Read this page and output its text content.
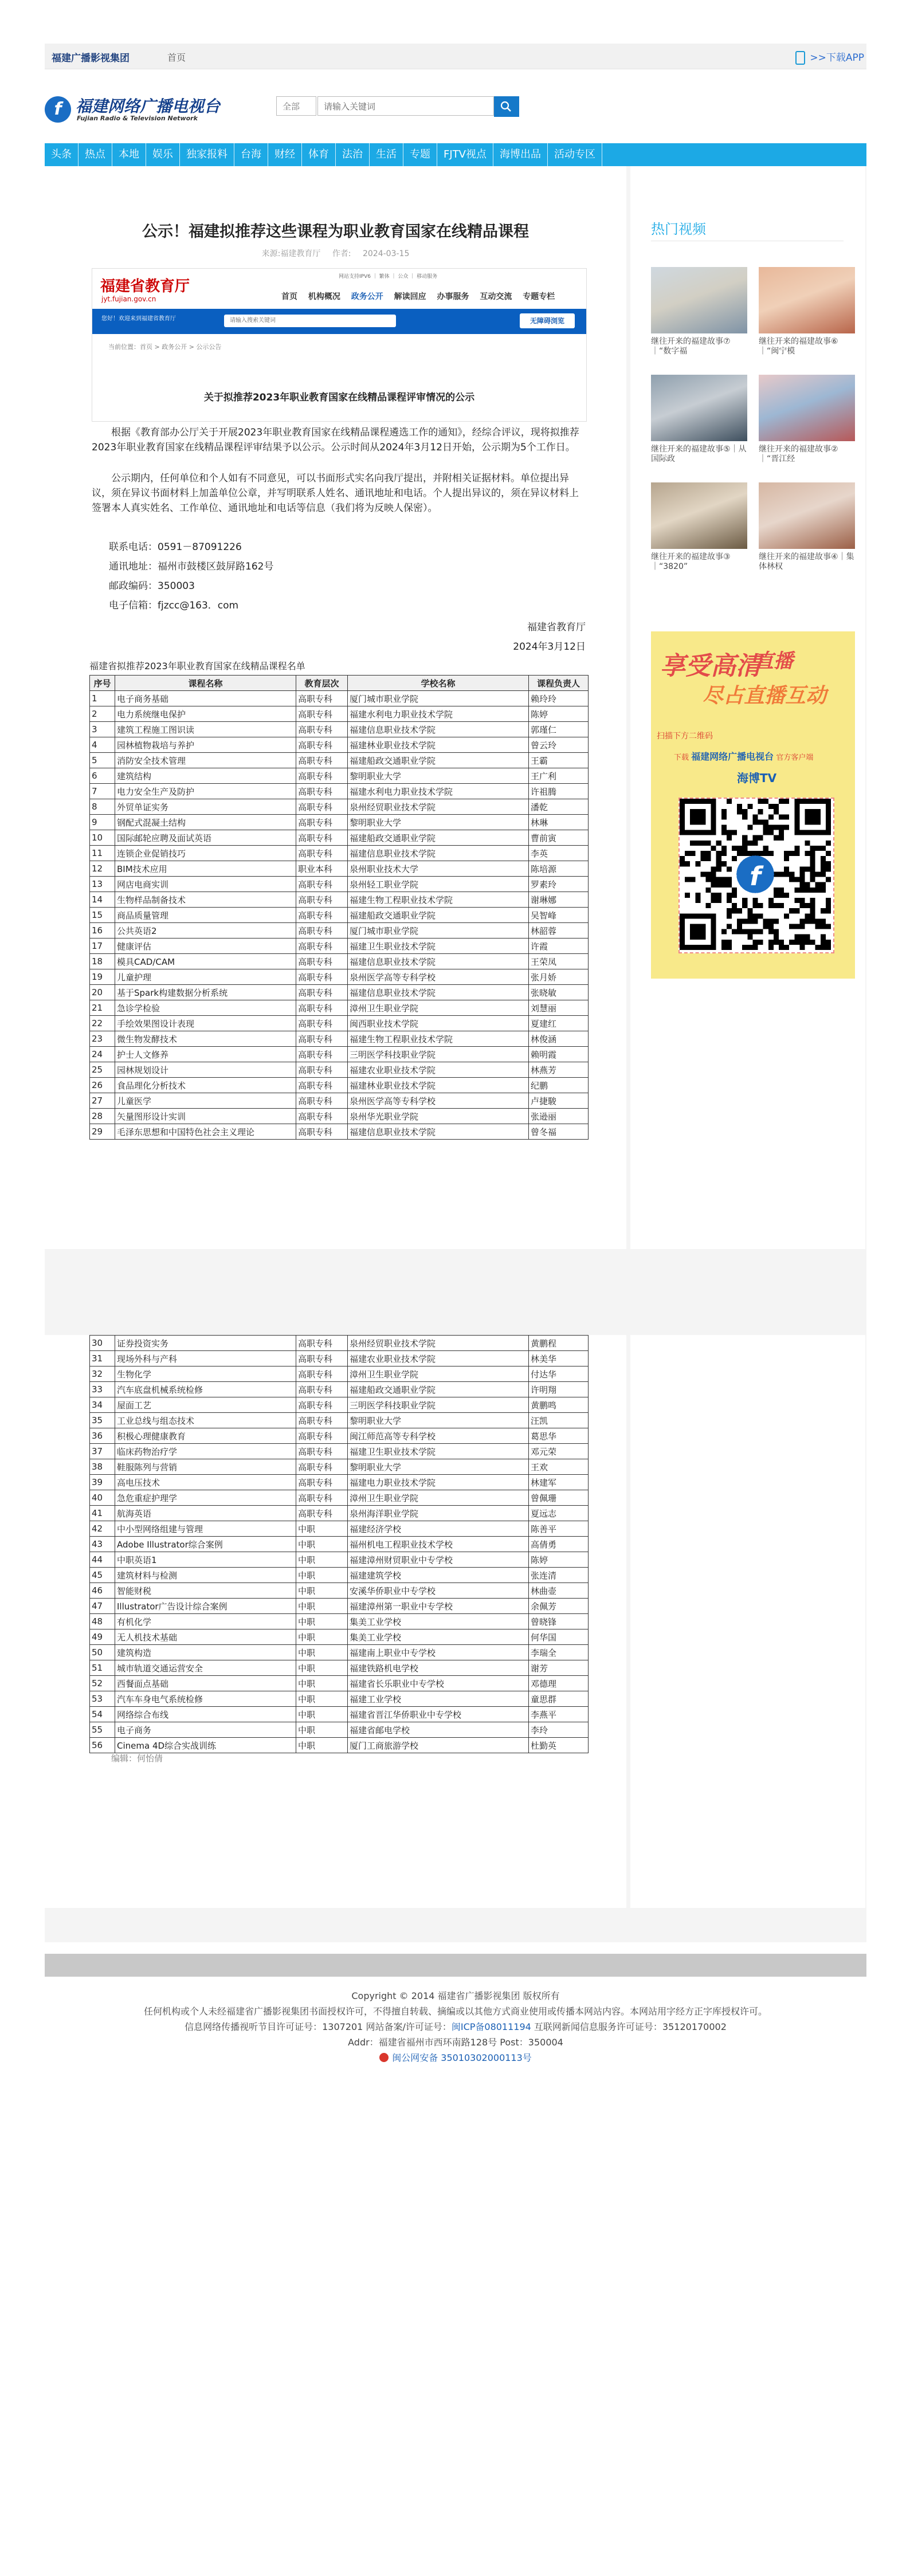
福建广播影视集团	首页	>>下载APP
f 福建网络广播电视台
Fujian Radio & Television Network
全部	请输入关键词
头条	热点	本地	娱乐	独家报料	台海	财经	体育	法治	生活	专题	FJTV视点	海博出品	活动专区
公示！福建拟推荐这些课程为职业教育国家在线精品课程
来源:福建教育厅 作者: 2024-03-15
福建省教育厅
jyt.fujian.gov.cn
网站支持IPV6 ｜ 繁体 ｜ 公众 ｜ 移动服务
首页 机构概况 政务公开 解读回应 办事服务 互动交流 专题专栏
您好！欢迎来到福建省教育厅	请输入搜索关键词	无障碍浏览
当前位置：首页 > 政务公开 > 公示公告
关于拟推荐2023年职业教育国家在线精品课程评审情况的公示

根据《教育部办公厅关于开展2023年职业教育国家在线精品课程遴选工作的通知》，经综合评议，现将拟推荐2023年职业教育国家在线精品课程评审结果予以公示。公示时间从2024年3月12日开始，公示期为5个工作日。

公示期内，任何单位和个人如有不同意见，可以书面形式实名向我厅提出，并附相关证据材料。单位提出异议，须在异议书面材料上加盖单位公章，并写明联系人姓名、通讯地址和电话。个人提出异议的，须在异议材料上签署本人真实姓名、工作单位、通讯地址和电话等信息（我们将为反映人保密）。

联系电话：0591－87091226
通讯地址：福州市鼓楼区鼓屏路162号
邮政编码：350003
电子信箱：fjzcc@163．com
福建省教育厅
2024年3月12日
福建省拟推荐2023年职业教育国家在线精品课程名单
序号	课程名称	教育层次	学校名称	课程负责人
1	电子商务基础	高职专科	厦门城市职业学院	赖玲玲
2	电力系统继电保护	高职专科	福建水利电力职业技术学院	陈婷
3	建筑工程施工图识读	高职专科	福建信息职业技术学院	郭瑾仁
4	园林植物栽培与养护	高职专科	福建林业职业技术学院	曾云玲
5	消防安全技术管理	高职专科	福建船政交通职业学院	王霸
6	建筑结构	高职专科	黎明职业大学	王广利
7	电力安全生产及防护	高职专科	福建水利电力职业技术学院	许祖腾
8	外贸单证实务	高职专科	泉州经贸职业技术学院	潘乾
9	钢配式混凝土结构	高职专科	黎明职业大学	林琳
10	国际邮轮应聘及面试英语	高职专科	福建船政交通职业学院	曹前寅
11	连锁企业促销技巧	高职专科	福建信息职业技术学院	李英
12	BIM技术应用	职业本科	泉州职业技术大学	陈培源
13	网店电商实训	高职专科	泉州轻工职业学院	罗素玲
14	生物样品制备技术	高职专科	福建生物工程职业技术学院	谢琳娜
15	商品质量管理	高职专科	福建船政交通职业学院	吴智峰
16	公共英语2	高职专科	厦门城市职业学院	林韶蓉
17	健康评估	高职专科	福建卫生职业技术学院	许霞
18	模具CAD/CAM	高职专科	福建信息职业技术学院	王荣凤
19	儿童护理	高职专科	泉州医学高等专科学校	张月娇
20	基于Spark构建数据分析系统	高职专科	福建信息职业技术学院	张晓敏
21	急诊学检验	高职专科	漳州卫生职业学院	刘慧丽
22	手绘效果图设计表现	高职专科	闽西职业技术学院	夏建红
23	微生物发酵技术	高职专科	福建生物工程职业技术学院	林俊涵
24	护士人文修养	高职专科	三明医学科技职业学院	赖明霞
25	园林规划设计	高职专科	福建农业职业技术学院	林燕芳
26	食品理化分析技术	高职专科	福建林业职业技术学院	纪鹏
27	儿童医学	高职专科	泉州医学高等专科学校	卢捷駿
28	矢量图形设计实训	高职专科	泉州华光职业学院	张逊丽
29	毛泽东思想和中国特色社会主义理论	高职专科	福建信息职业技术学院	曾冬福
30	证券投资实务	高职专科	泉州经贸职业技术学院	黄鹏程
31	现场外科与产科	高职专科	福建农业职业技术学院	林美华
32	生物化学	高职专科	漳州卫生职业学院	付达华
33	汽车底盘机械系统检修	高职专科	福建船政交通职业学院	许明翔
34	屋面工艺	高职专科	三明医学科技职业学院	黄鹏鸣
35	工业总线与组态技术	高职专科	黎明职业大学	汪凯
36	积极心理健康教育	高职专科	闽江师范高等专科学校	葛思华
37	临床药物治疗学	高职专科	福建卫生职业技术学院	邓元荣
38	鞋服陈列与营销	高职专科	黎明职业大学	王欢
39	高电压技术	高职专科	福建电力职业技术学院	林建军
40	急危重症护理学	高职专科	漳州卫生职业学院	曾佩珊
41	航海英语	高职专科	泉州海洋职业学院	夏远志
42	中小型网络组建与管理	中职	福建经济学校	陈善平
43	Adobe Illustrator综合案例	中职	福州机电工程职业技术学校	高倩勇
44	中职英语1	中职	福建漳州财贸职业中专学校	陈婷
45	建筑材料与检测	中职	福建建筑学校	张连清
46	智能财税	中职	安溪华侨职业中专学校	林曲壶
47	Illustrator广告设计综合案例	中职	福建漳州第一职业中专学校	余佩芳
48	有机化学	中职	集美工业学校	曾晓锋
49	无人机技术基础	中职	集美工业学校	何华国
50	建筑构造	中职	福建南上职业中专学校	李瑞全
51	城市轨道交通运营安全	中职	福建铁路机电学校	谢芳
52	西餐面点基础	中职	福建省长乐职业中专学校	邓德理
53	汽车车身电气系统检修	中职	福建工业学校	童思群
54	网络综合布线	中职	福建省晋江华侨职业中专学校	李燕平
55	电子商务	中职	福建省邮电学校	李玲
56	Cinema 4D综合实战训练	中职	厦门工商旅游学校	杜勤英
编辑：何怡倩
热门视频
继往开来的福建故事⑦｜“数字福
继往开来的福建故事⑥｜“闽宁模
继往开来的福建故事⑤｜从国际政
继往开来的福建故事②｜“晋江经
继往开来的福建故事③｜“3820”
继往开来的福建故事④｜集体林权
享受高清
直播
尽占直播互动
扫描下方二维码
下载 福建网络广播电视台 官方客户端
海博TV
f
Copyright © 2014 福建省广播影视集团 版权所有
任何机构或个人未经福建省广播影视集团书面授权许可，不得擅自转载、摘编或以其他方式商业使用或传播本网站内容。本网站用字经方正字库授权许可。
信息网络传播视听节目许可证号：1307201 网站备案/许可证号：闽ICP备08011194 互联网新闻信息服务许可证号：35120170002
Addr：福建省福州市西环南路128号 Post：350004
闽公网安备 35010302000113号
